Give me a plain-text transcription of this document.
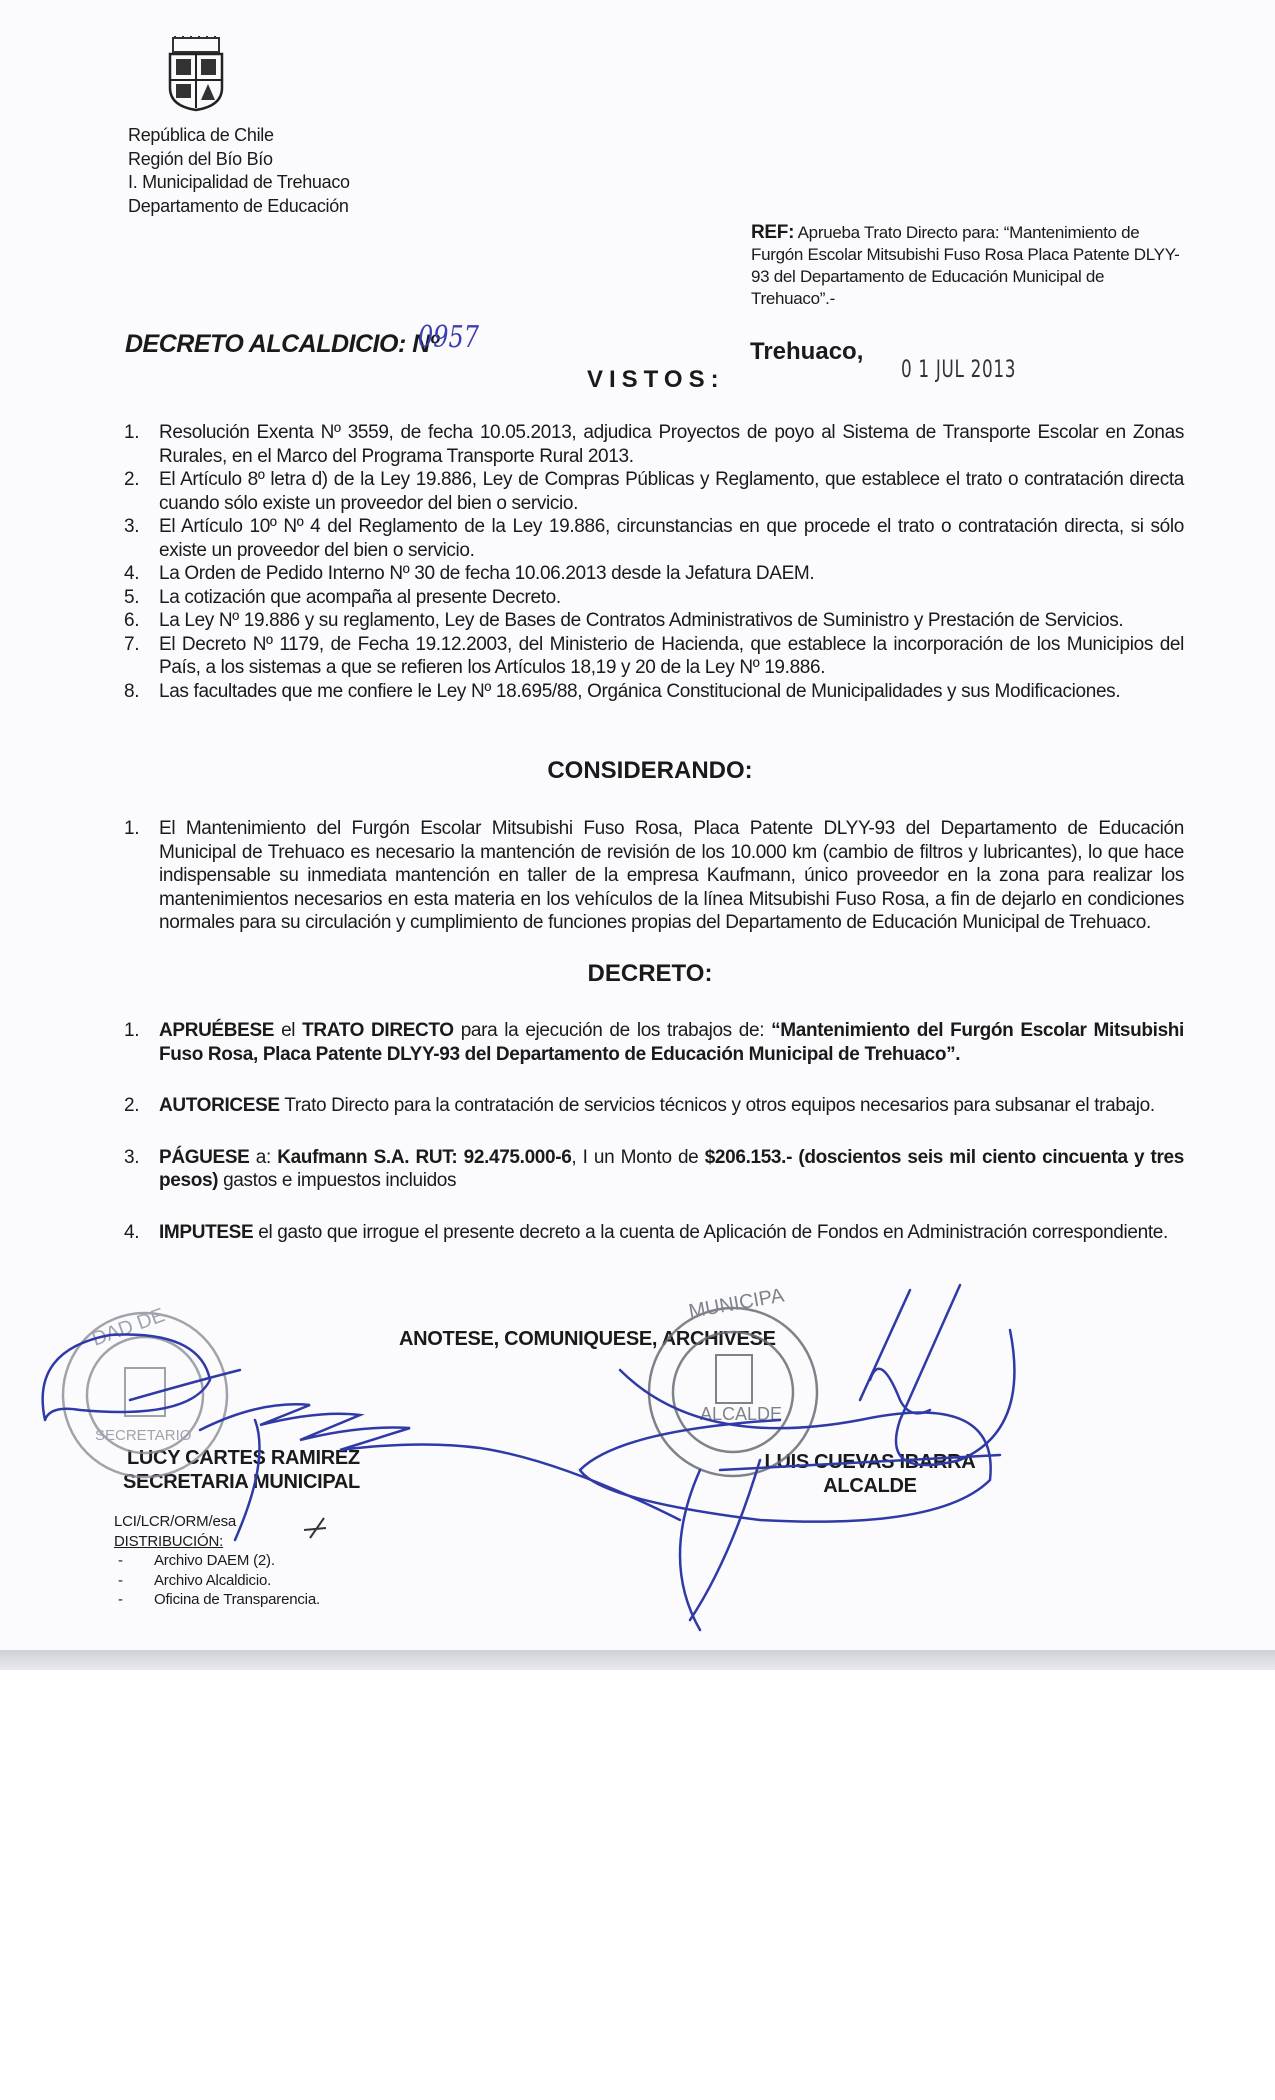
República de Chile
Región del Bío Bío
I. Municipalidad de Trehuaco
Departamento de Educación
REF: Aprueba Trato Directo para: “Mantenimiento de Furgón Escolar Mitsubishi Fuso Rosa Placa Patente DLYY-93 del Departamento de Educación Municipal de Trehuaco”.-
DECRETO ALCALDICIO: Nº
0957	Trehuaco,
0 1 JUL 2013
VISTOS:
1. Resolución Exenta Nº 3559, de fecha 10.05.2013, adjudica Proyectos de poyo al Sistema de Transporte Escolar en Zonas Rurales, en el Marco del Programa Transporte Rural 2013.
2. El Artículo 8º letra d) de la Ley 19.886, Ley de Compras Públicas y Reglamento, que establece el trato o contratación directa cuando sólo existe un proveedor del bien o servicio.
3. El Artículo 10º Nº 4 del Reglamento de la Ley 19.886, circunstancias en que procede el trato o contratación directa, si sólo existe un proveedor del bien o servicio.
4. La Orden de Pedido Interno Nº 30 de fecha 10.06.2013 desde la Jefatura DAEM.
5. La cotización que acompaña al presente Decreto.
6. La Ley Nº 19.886 y su reglamento, Ley de Bases de Contratos Administrativos de Suministro y Prestación de Servicios.
7. El Decreto Nº 1179, de Fecha 19.12.2003, del Ministerio de Hacienda, que establece la incorporación de los Municipios del País, a los sistemas a que se refieren los Artículos 18,19 y 20 de la Ley Nº 19.886.
8. Las facultades que me confiere le Ley Nº 18.695/88, Orgánica Constitucional de Municipalidades y sus Modificaciones.
CONSIDERANDO:
1. El Mantenimiento del Furgón Escolar Mitsubishi Fuso Rosa, Placa Patente DLYY-93 del Departamento de Educación Municipal de Trehuaco es necesario la mantención de revisión de los 10.000 km (cambio de filtros y lubricantes), lo que hace indispensable su inmediata mantención en taller de la empresa Kaufmann, único proveedor en la zona para realizar los mantenimientos necesarios en esta materia en los vehículos de la línea Mitsubishi Fuso Rosa, a fin de dejarlo en condiciones normales para su circulación y cumplimiento de funciones propias del Departamento de Educación Municipal de Trehuaco.
DECRETO:
1. APRUÉBESE el TRATO DIRECTO para la ejecución de los trabajos de: “Mantenimiento del Furgón Escolar Mitsubishi Fuso Rosa, Placa Patente DLYY-93 del Departamento de Educación Municipal de Trehuaco”.
2. AUTORICESE Trato Directo para la contratación de servicios técnicos y otros equipos necesarios para subsanar el trabajo.
3. PÁGUESE a: Kaufmann S.A. RUT: 92.475.000-6, I un Monto de $206.153.- (doscientos seis mil ciento cincuenta y tres pesos) gastos e impuestos incluidos
4. IMPUTESE el gasto que irrogue el presente decreto a la cuenta de Aplicación de Fondos en Administración correspondiente.
ANOTESE, COMUNIQUESE, ARCHIVESE
LUCY CARTES RAMIREZ
SECRETARIA MUNICIPAL
LUIS CUEVAS IBARRA
ALCALDE
LCI/LCR/ORM/esa
DISTRIBUCIÓN:
- Archivo DAEM (2).
- Archivo Alcaldicio.
- Oficina de Transparencia.
DAD DE
SECRETARIO
ALCALDE
MUNICIPA
